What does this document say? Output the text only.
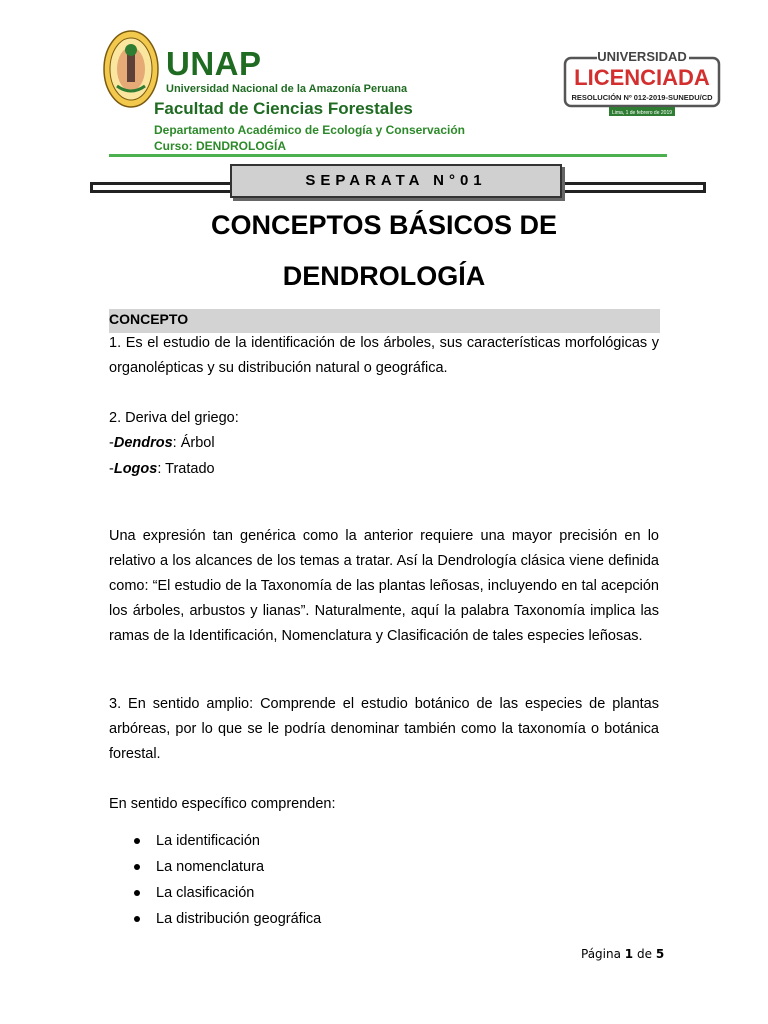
UNAP
Universidad Nacional de la Amazonía Peruana
Facultad de Ciencias Forestales
Departamento Académico de Ecología y Conservación
Curso: DENDROLOGÍA
UNIVERSIDAD
LICENCIADA
RESOLUCIÓN Nº 012-2019-SUNEDU/CD
Lima, 1 de febrero de 2019
SEPARATA N°01
CONCEPTOS BÁSICOS DE
DENDROLOGÍA
CONCEPTO
1. Es el estudio de la identificación de los árboles, sus características morfológicas y organolépticas y su distribución natural o geográfica.
2. Deriva del griego:
-Dendros: Árbol
-Logos: Tratado
Una expresión tan genérica como la anterior requiere una mayor precisión en lo relativo a los alcances de los temas a tratar. Así la Dendrología clásica viene definida como: “El estudio de la Taxonomía de las plantas leñosas, incluyendo en tal acepción los árboles, arbustos y lianas”. Naturalmente, aquí la palabra Taxonomía implica las ramas de la Identificación, Nomenclatura y Clasificación de tales especies leñosas.
3. En sentido amplio: Comprende el estudio botánico de las especies de plantas arbóreas, por lo que se le podría denominar también como la taxonomía o botánica forestal.
En sentido específico comprenden:
La identificación
La nomenclatura
La clasificación
La distribución geográfica
Página 1 de 5
